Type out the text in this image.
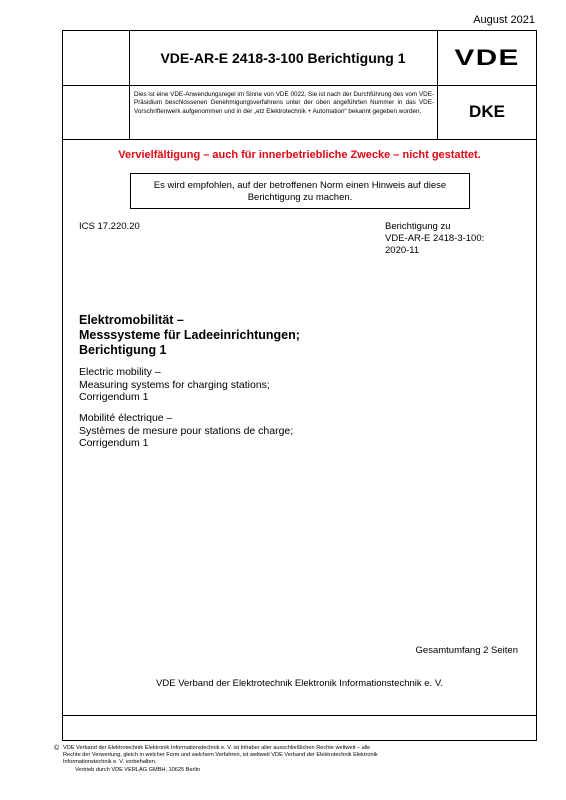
August 2021
VDE-AR-E 2418-3-100 Berichtigung 1	VDE
Dies ist eine VDE-Anwendungsregel im Sinne von VDE 0022. Sie ist nach der Durchführung des vom VDE-Präsidium beschlossenen Genehmigungsverfahrens unter der oben angeführten Nummer in das VDE-Vorschriftenwerk aufgenommen und in der „etz Elektrotechnik + Automation“ bekannt gegeben worden.	DKE
Vervielfältigung – auch für innerbetriebliche Zwecke – nicht gestattet.
Es wird empfohlen, auf der betroffenen Norm einen Hinweis auf diese
Berichtigung zu machen.
ICS 17.220.20	Berichtigung zu
VDE-AR-E 2418-3-100:
2020-11
Elektromobilität –
Messsysteme für Ladeeinrichtungen;
Berichtigung 1
Electric mobility –
Measuring systems for charging stations;
Corrigendum 1
Mobilité électrique –
Systèmes de mesure pour stations de charge;
Corrigendum 1
Gesamtumfang 2 Seiten
VDE Verband der Elektrotechnik Elektronik Informationstechnik e. V.
© VDE Verband der Elektrotechnik Elektronik Informationstechnik e. V. ist Inhaber aller ausschließlichen Rechte weltweit – alle
Rechte der Verwertung, gleich in welcher Form und welchem Verfahren, ist weltweit VDE Verband der Elektrotechnik Elektronik
Informationstechnik e. V. vorbehalten.
Vertrieb durch VDE VERLAG GMBH, 10625 Berlin
